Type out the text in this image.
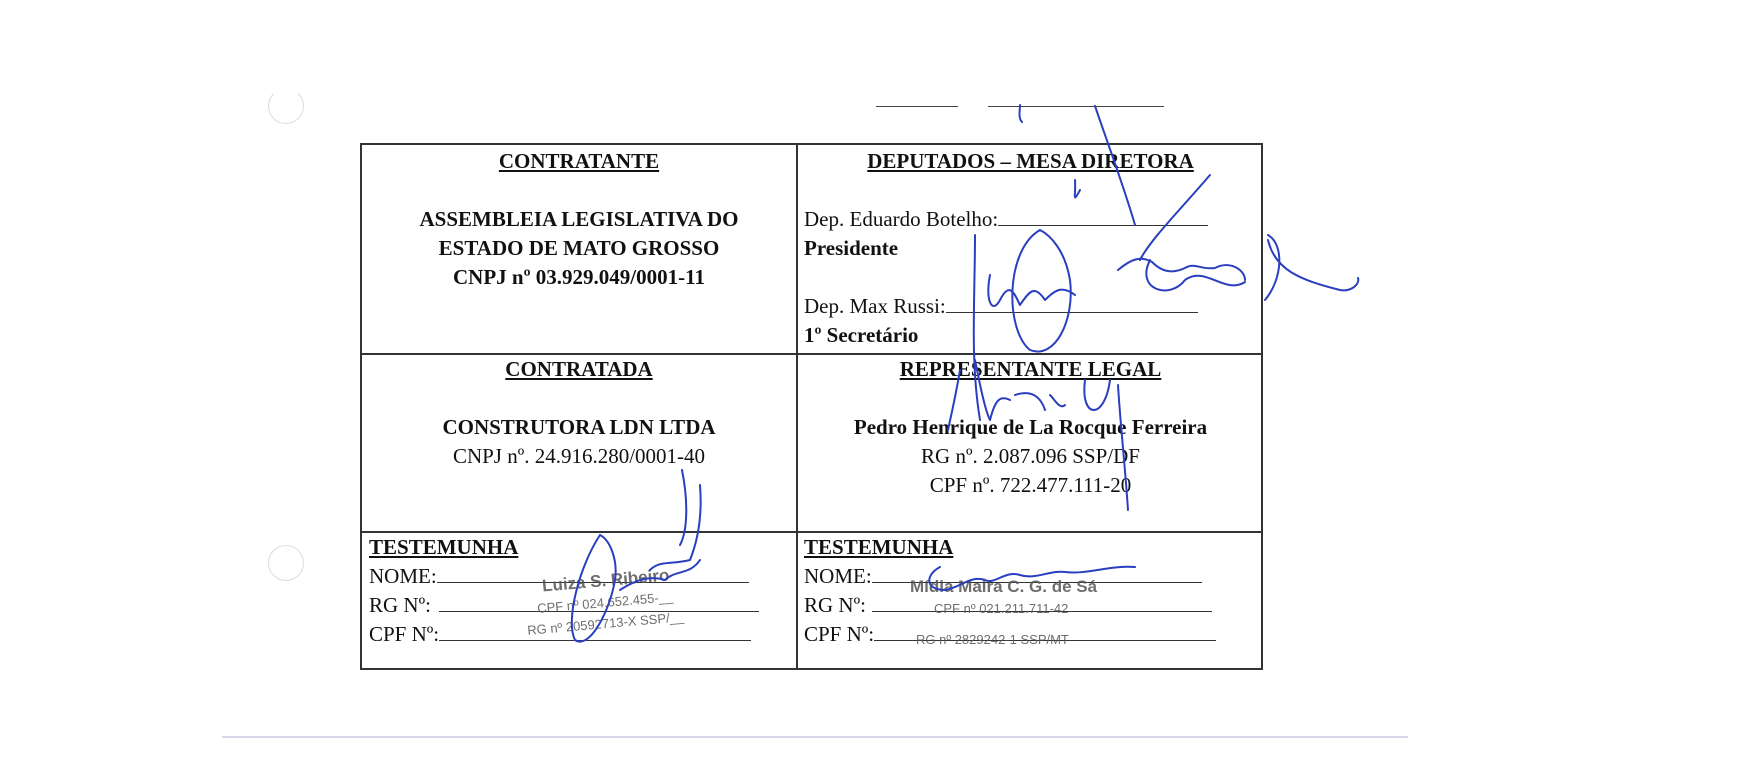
CONTRATANTE
ASSEMBLEIA LEGISLATIVA DO
ESTADO DE MATO GROSSO
CNPJ nº 03.929.049/0001-11
DEPUTADOS – MESA DIRETORA
Dep. Eduardo Botelho:
Presidente
Dep. Max Russi:
1º Secretário
CONTRATADA
CONSTRUTORA LDN LTDA
CNPJ nº. 24.916.280/0001-40
REPRESENTANTE LEGAL
Pedro Henrique de La Rocque Ferreira
RG nº. 2.087.096 SSP/DF
CPF nº. 722.477.111-20
TESTEMUNHA
NOME:
RG Nº:
CPF Nº:
Luiza S. Ribeiro
CPF nº 024.652.455-__
RG nº 20592713-X SSP/__
TESTEMUNHA
NOME:
RG Nº:
CPF Nº:
Mídia Maira C. G. de Sá
CPF nº 021.211.711-42
RG nº 2829242-1 SSP/MT
